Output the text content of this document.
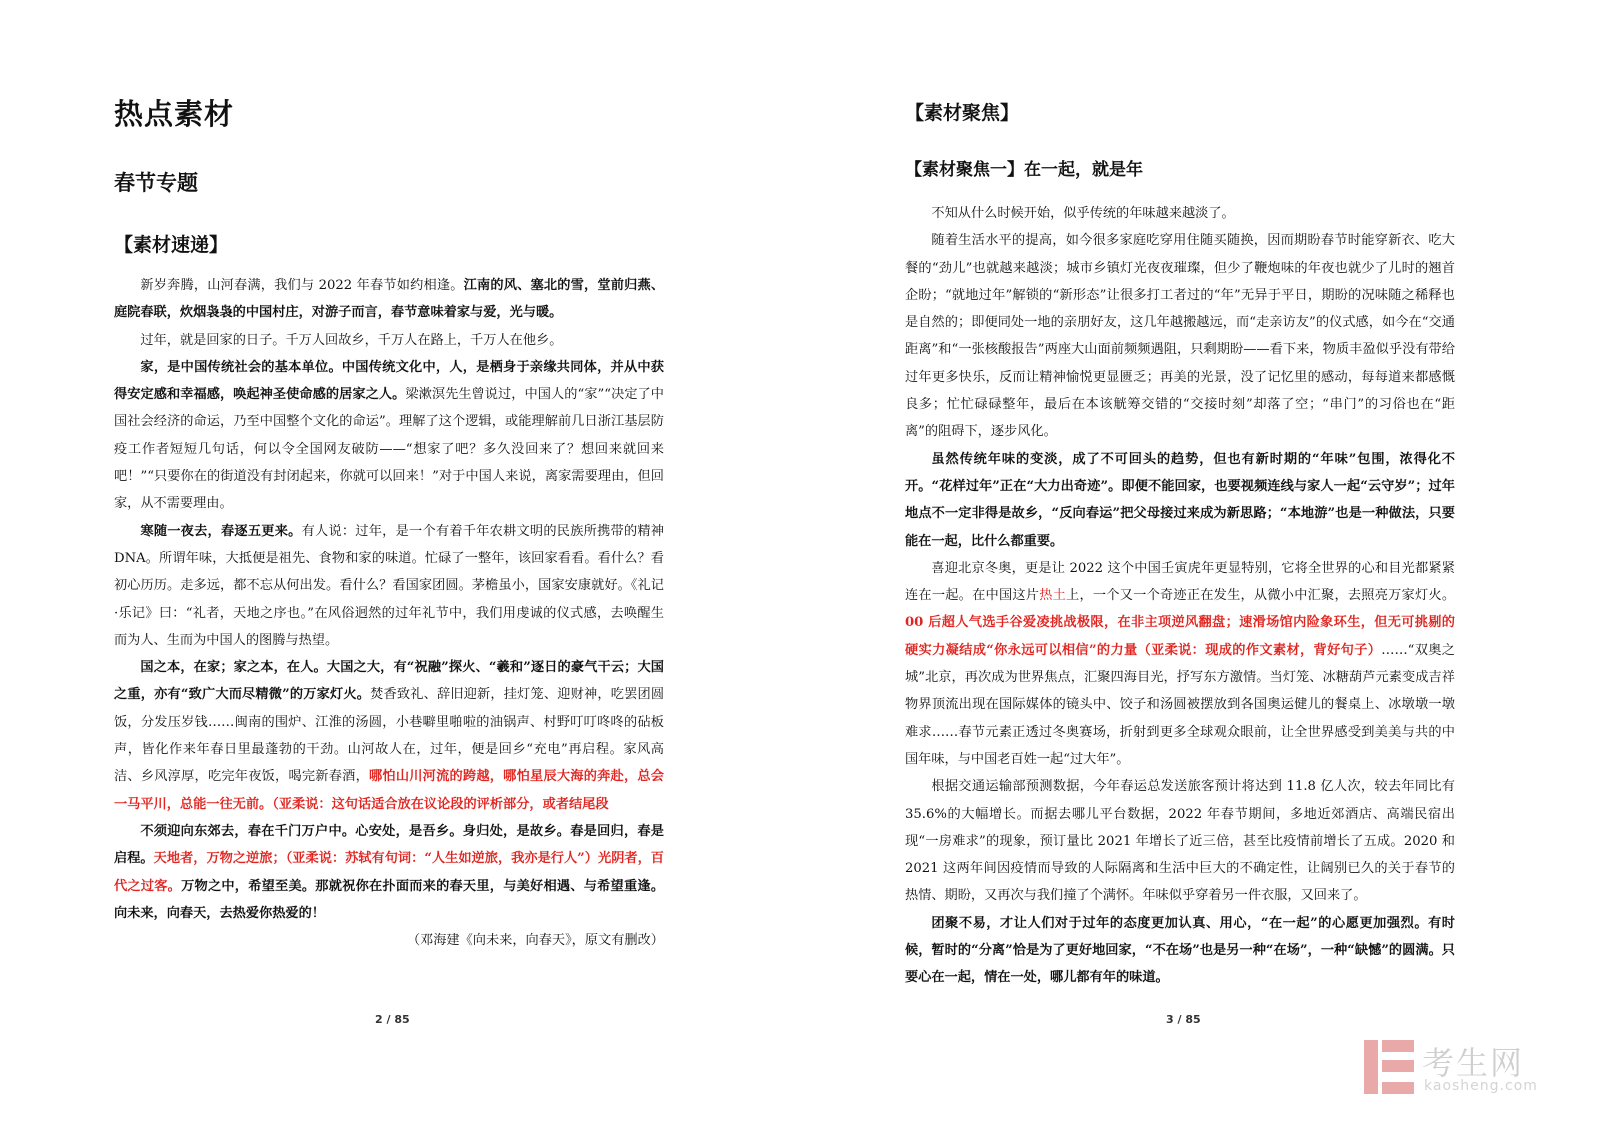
热点素材
春节专题
【素材速递】

新岁奔腾，山河春满，我们与 2022 年春节如约相逢。江南的风、塞北的雪，堂前归燕、庭院春联，炊烟袅袅的中国村庄，对游子而言，春节意味着家与爱，光与暖。

过年，就是回家的日子。千万人回故乡，千万人在路上，千万人在他乡。

家，是中国传统社会的基本单位。中国传统文化中，人，是栖身于亲缘共同体，并从中获得安定感和幸福感，唤起神圣使命感的居家之人。梁漱溟先生曾说过，中国人的“家”“决定了中国社会经济的命运，乃至中国整个文化的命运”。理解了这个逻辑，或能理解前几日浙江基层防疫工作者短短几句话，何以令全国网友破防——“想家了吧？多久没回来了？想回来就回来吧！”“只要你在的街道没有封闭起来，你就可以回来！”对于中国人来说，离家需要理由，但回家，从不需要理由。

寒随一夜去，春逐五更来。有人说：过年，是一个有着千年农耕文明的民族所携带的精神 DNA。所谓年味，大抵便是祖先、食物和家的味道。忙碌了一整年，该回家看看。看什么？看初心历历。走多远，都不忘从何出发。看什么？看国家团圆。茅檐虽小，国家安康就好。《礼记·乐记》曰：“礼者，天地之序也。”在风俗迥然的过年礼节中，我们用虔诚的仪式感，去唤醒生而为人、生而为中国人的图腾与热望。

国之本，在家；家之本，在人。大国之大，有“祝融”探火、“羲和”逐日的豪气干云；大国之重，亦有“致广大而尽精微”的万家灯火。焚香致礼、辞旧迎新，挂灯笼、迎财神，吃罢团圆饭，分发压岁钱……闽南的围炉、江淮的汤圆，小巷噼里啪啦的油锅声、村野叮叮咚咚的砧板声，皆化作来年春日里最蓬勃的干劲。山河故人在，过年，便是回乡“充电”再启程。家风高洁、乡风淳厚，吃完年夜饭，喝完新春酒，哪怕山川河流的跨越，哪怕星辰大海的奔赴，总会一马平川，总能一往无前。（亚柔说：这句话适合放在议论段的评析部分，或者结尾段

不须迎向东郊去，春在千门万户中。心安处，是吾乡。身归处，是故乡。春是回归，春是启程。天地者，万物之逆旅；（亚柔说：苏轼有句词：“人生如逆旅，我亦是行人”）光阴者，百代之过客。万物之中，希望至美。那就祝你在扑面而来的春天里，与美好相遇、与希望重逢。向未来，向春天，去热爱你热爱的！

（邓海建《向未来，向春天》，原文有删改）

2 / 85
【素材聚焦】
【素材聚焦一】在一起，就是年

不知从什么时候开始，似乎传统的年味越来越淡了。

随着生活水平的提高，如今很多家庭吃穿用住随买随换，因而期盼春节时能穿新衣、吃大餐的“劲儿”也就越来越淡；城市乡镇灯光夜夜璀璨，但少了鞭炮味的年夜也就少了儿时的翘首企盼；“就地过年”解锁的“新形态”让很多打工者过的“年”无异于平日，期盼的况味随之稀释也是自然的；即便同处一地的亲朋好友，这几年越搬越远，而“走亲访友”的仪式感，如今在“交通距离”和“一张核酸报告”两座大山面前频频遇阻，只剩期盼——看下来，物质丰盈似乎没有带给过年更多快乐，反而让精神愉悦更显匮乏；再美的光景，没了记忆里的感动，每每道来都感慨良多；忙忙碌碌整年，最后在本该觥筹交错的“交接时刻”却落了空；“串门”的习俗也在“距离”的阻碍下，逐步风化。

虽然传统年味的变淡，成了不可回头的趋势，但也有新时期的“年味”包围，浓得化不开。“花样过年”正在“大力出奇迹”。即便不能回家，也要视频连线与家人一起“云守岁”；过年地点不一定非得是故乡，“反向春运”把父母接过来成为新思路；“本地游”也是一种做法，只要能在一起，比什么都重要。

喜迎北京冬奥，更是让 2022 这个中国壬寅虎年更显特别，它将全世界的心和目光都紧紧连在一起。在中国这片热土上，一个又一个奇迹正在发生，从微小中汇聚，去照亮万家灯火。00 后超人气选手谷爱凌挑战极限，在非主项逆风翻盘；速滑场馆内险象环生，但无可挑剔的硬实力凝结成“你永远可以相信”的力量（亚柔说：现成的作文素材，背好句子）……“双奥之城”北京，再次成为世界焦点，汇聚四海目光，抒写东方激情。当灯笼、冰糖葫芦元素变成吉祥物界顶流出现在国际媒体的镜头中、饺子和汤圆被摆放到各国奥运健儿的餐桌上、冰墩墩一墩难求……春节元素正透过冬奥赛场，折射到更多全球观众眼前，让全世界感受到美美与共的中国年味，与中国老百姓一起“过大年”。

根据交通运输部预测数据，今年春运总发送旅客预计将达到 11.8 亿人次，较去年同比有 35.6%的大幅增长。而据去哪儿平台数据，2022 年春节期间，多地近郊酒店、高端民宿出现“一房难求”的现象，预订量比 2021 年增长了近三倍，甚至比疫情前增长了五成。2020 和 2021 这两年间因疫情而导致的人际隔离和生活中巨大的不确定性，让阔别已久的关于春节的热情、期盼，又再次与我们撞了个满怀。年味似乎穿着另一件衣服，又回来了。

团聚不易，才让人们对于过年的态度更加认真、用心，“在一起”的心愿更加强烈。有时候，暂时的“分离”恰是为了更好地回家，“不在场”也是另一种“在场”，一种“缺憾”的圆满。只要心在一起，情在一处，哪儿都有年的味道。

3 / 85
考生网
kaosheng.com
